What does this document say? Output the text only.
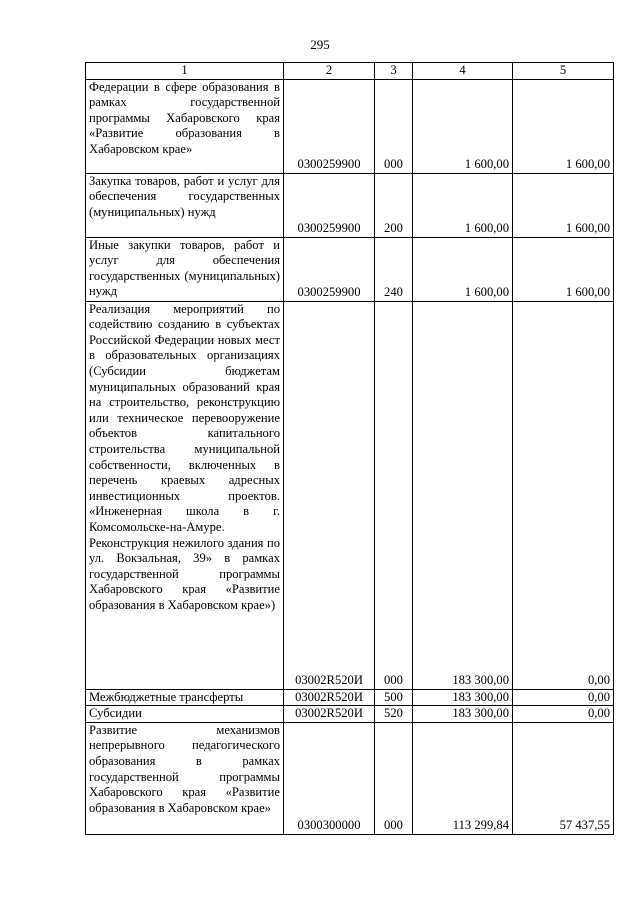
295
1	2	3	4	5
Федерации в сфере образования в рамках государственной программы Хабаровского края «Развитие образования в Хабаровском крае»	0300259900	000	1 600,00	1 600,00
Закупка товаров, работ и услуг для обеспечения государственных (муниципальных) нужд	0300259900	200	1 600,00	1 600,00
Иные закупки товаров, работ и услуг для обеспечения государственных (муниципальных) нужд	0300259900	240	1 600,00	1 600,00
Реализация мероприятий по содействию созданию в субъектах Российской Федерации новых мест в образовательных организациях (Субсидии бюджетам муниципальных образований края на строительство, реконструкцию или техническое перевооружение объектов капитального строительства муниципальной собственности, включенных в перечень краевых адресных инвестиционных проектов. «Инженерная школа в г. Комсомольске-на-Амуре. Реконструкция нежилого здания по ул. Вокзальная, 39» в рамках государственной программы Хабаровского края «Развитие образования в Хабаровском крае»)	03002R520И	000	183 300,00	0,00
Межбюджетные трансферты	03002R520И	500	183 300,00	0,00
Субсидии	03002R520И	520	183 300,00	0,00
Развитие механизмов непрерывного педагогического образования в рамках государственной программы Хабаровского края «Развитие образования в Хабаровском крае»	0300300000	000	113 299,84	57 437,55
